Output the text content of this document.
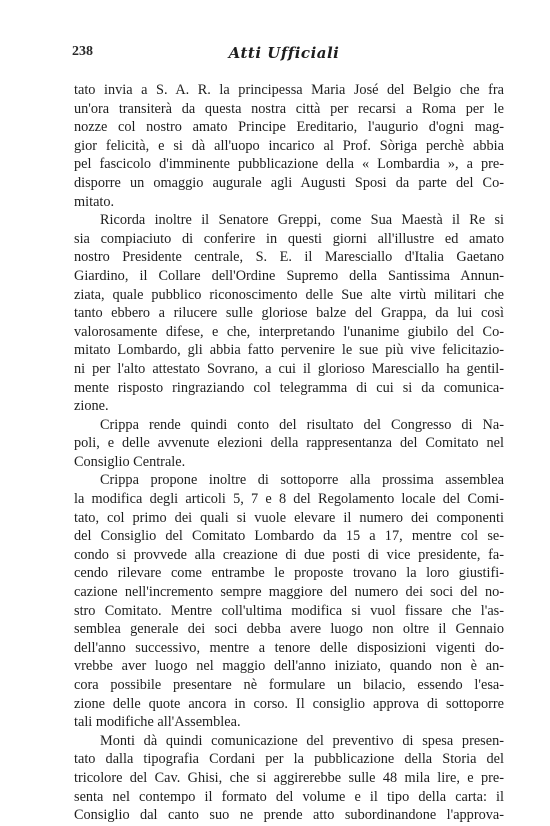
238	Atti Ufficiali
tato invia a S. A. R. la principessa Maria José del Belgio che fra
un'ora transiterà da questa nostra città per recarsi a Roma per le
nozze col nostro amato Principe Ereditario, l'augurio d'ogni mag-
gior felicità, e si dà all'uopo incarico al Prof. Sòriga perchè abbia
pel fascicolo d'imminente pubblicazione della « Lombardia », a pre-
disporre un omaggio augurale agli Augusti Sposi da parte del Co-
mitato.
Ricorda inoltre il Senatore Greppi, come Sua Maestà il Re si
sia compiaciuto di conferire in questi giorni all'illustre ed amato
nostro Presidente centrale, S. E. il Maresciallo d'Italia Gaetano
Giardino, il Collare dell'Ordine Supremo della Santissima Annun-
ziata, quale pubblico riconoscimento delle Sue alte virtù militari che
tanto ebbero a rilucere sulle gloriose balze del Grappa, da lui così
valorosamente difese, e che, interpretando l'unanime giubilo del Co-
mitato Lombardo, gli abbia fatto pervenire le sue più vive felicitazio-
ni per l'alto attestato Sovrano, a cui il glorioso Maresciallo ha gentil-
mente risposto ringraziando col telegramma di cui si da comunica-
zione.
Crippa rende quindi conto del risultato del Congresso di Na-
poli, e delle avvenute elezioni della rappresentanza del Comitato nel
Consiglio Centrale.
Crippa propone inoltre di sottoporre alla prossima assemblea
la modifica degli articoli 5, 7 e 8 del Regolamento locale del Comi-
tato, col primo dei quali si vuole elevare il numero dei componenti
del Consiglio del Comitato Lombardo da 15 a 17, mentre col se-
condo si provvede alla creazione di due posti di vice presidente, fa-
cendo rilevare come entrambe le proposte trovano la loro giustifi-
cazione nell'incremento sempre maggiore del numero dei soci del no-
stro Comitato. Mentre coll'ultima modifica si vuol fissare che l'as-
semblea generale dei soci debba avere luogo non oltre il Gennaio
dell'anno successivo, mentre a tenore delle disposizioni vigenti do-
vrebbe aver luogo nel maggio dell'anno iniziato, quando non è an-
cora possibile presentare nè formulare un bilacio, essendo l'esa-
zione delle quote ancora in corso. Il consiglio approva di sottoporre
tali modifiche all'Assemblea.
Monti dà quindi comunicazione del preventivo di spesa presen-
tato dalla tipografia Cordani per la pubblicazione della Storia del
tricolore del Cav. Ghisi, che si aggirerebbe sulle 48 mila lire, e pre-
senta nel contempo il formato del volume e il tipo della carta: il
Consiglio dal canto suo ne prende atto subordinandone l'approva-
